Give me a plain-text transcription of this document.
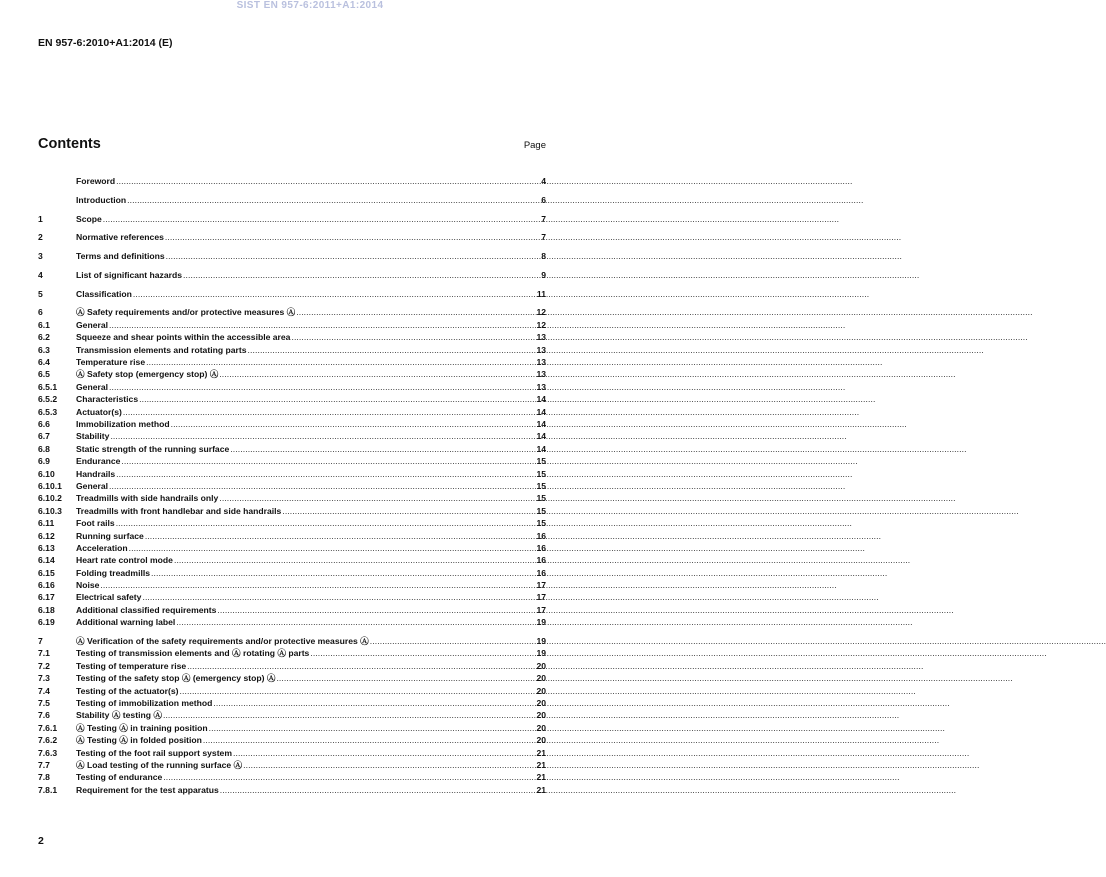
SIST EN 957-6:2011+A1:2014
EN 957-6:2010+A1:2014 (E)
Contents	Page
Foreword .....	4
Introduction .....	6
1	Scope .....	7
2	Normative references .....	7
3	Terms and definitions .....	8
4	List of significant hazards .....	9
5	Classification .....	11
6	Ⓐ Safety requirements and/or protective measures Ⓐ .....	12
6.1	General .....	12
6.2	Squeeze and shear points within the accessible area .....	13
6.3	Transmission elements and rotating parts .....	13
6.4	Temperature rise .....	13
6.5	Ⓐ Safety stop (emergency stop) Ⓐ .....	13
6.5.1	General .....	13
6.5.2	Characteristics .....	14
6.5.3	Actuator(s) .....	14
6.6	Immobilization method .....	14
6.7	Stability .....	14
6.8	Static strength of the running surface .....	14
6.9	Endurance .....	15
6.10	Handrails .....	15
6.10.1	General .....	15
6.10.2	Treadmills with side handrails only .....	15
6.10.3	Treadmills with front handlebar and side handrails .....	15
6.11	Foot rails .....	15
6.12	Running surface .....	16
6.13	Acceleration .....	16
6.14	Heart rate control mode .....	16
6.15	Folding treadmills .....	16
6.16	Noise .....	17
6.17	Electrical safety .....	17
6.18	Additional classified requirements .....	17
6.19	Additional warning label .....	19
7	Ⓐ Verification of the safety requirements and/or protective measures Ⓐ .....	19
7.1	Testing of transmission elements and Ⓐ rotating Ⓐ parts .....	19
7.2	Testing of temperature rise .....	20
7.3	Testing of the safety stop Ⓐ (emergency stop) Ⓐ .....	20
7.4	Testing of the actuator(s) .....	20
7.5	Testing of immobilization method .....	20
7.6	Stability Ⓐ testing Ⓐ .....	20
7.6.1	Ⓐ Testing Ⓐ in training position .....	20
7.6.2	Ⓐ Testing Ⓐ in folded position .....	20
7.6.3	Testing of the foot rail support system .....	21
7.7	Ⓐ Load testing of the running surface Ⓐ .....	21
7.8	Testing of endurance .....	21
7.8.1	Requirement for the test apparatus .....	21
2
